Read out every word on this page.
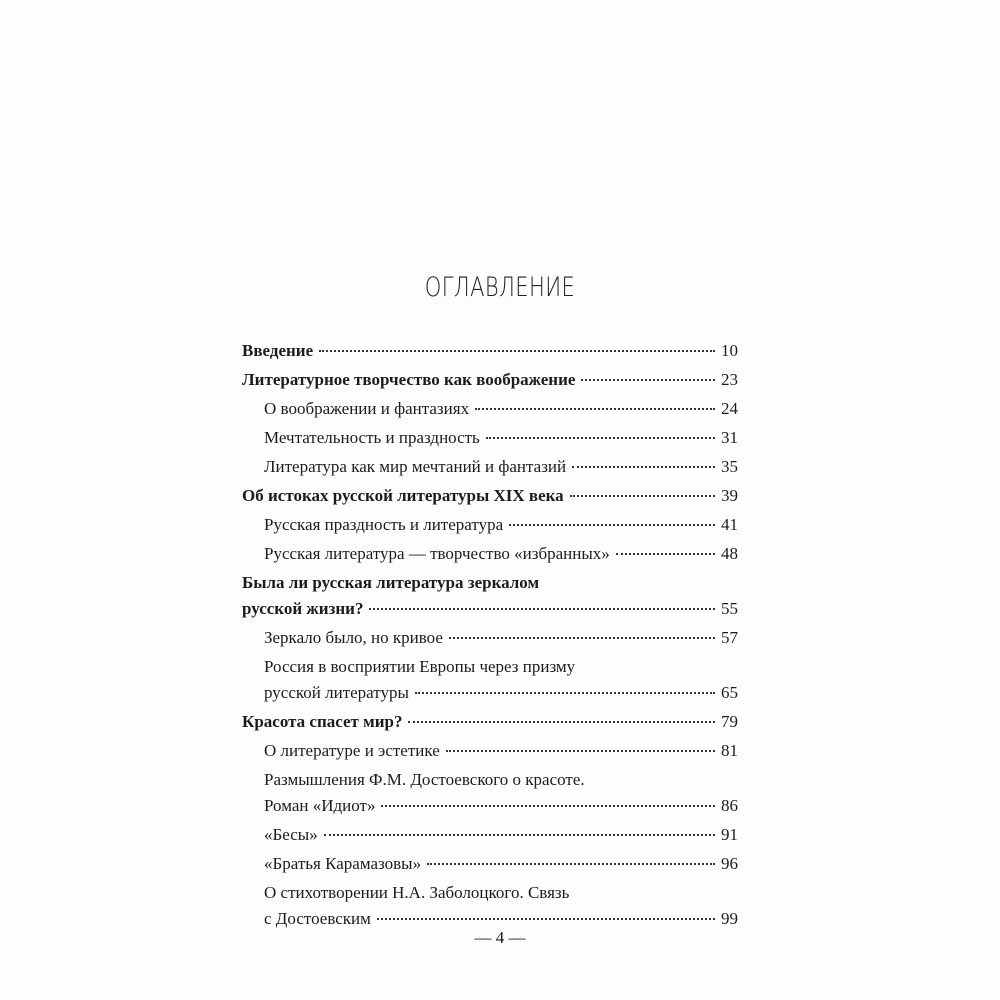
ОГЛАВЛЕНИЕ
Введение	10
Литературное творчество как воображение	23
О воображении и фантазиях	24
Мечтательность и праздность	31
Литература как мир мечтаний и фантазий	35
Об истоках русской литературы XIX века	39
Русская праздность и литература	41
Русская литература — творчество «избранных»	48
Была ли русская литература зеркалом
русской жизни?	55
Зеркало было, но кривое	57
Россия в восприятии Европы через призму
русской литературы	65
Красота спасет мир?	79
О литературе и эстетике	81
Размышления Ф.М. Достоевского о красоте.
Роман «Идиот»	86
«Бесы»	91
«Братья Карамазовы»	96
О стихотворении Н.А. Заболоцкого. Связь
с Достоевским	99
— 4 —
